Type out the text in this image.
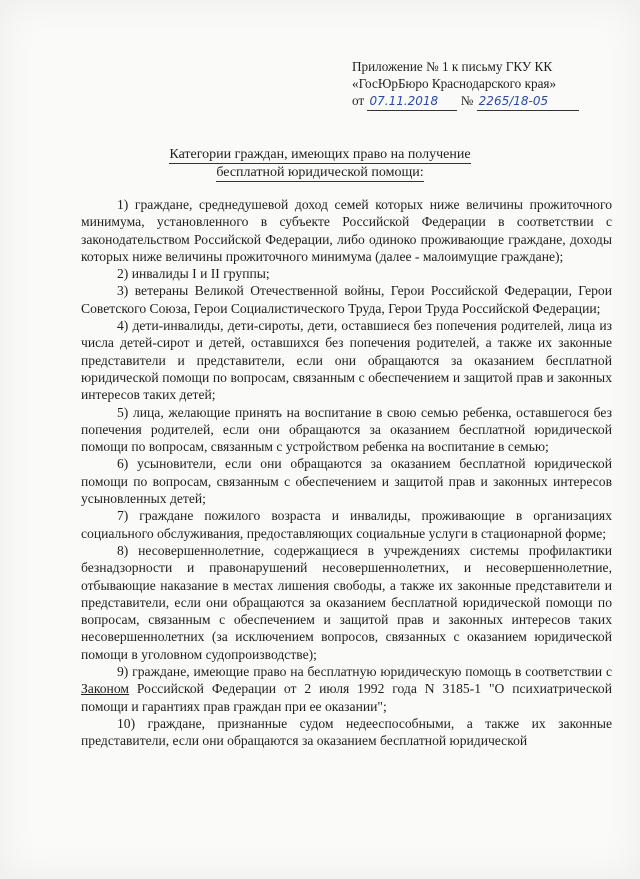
Приложение № 1 к письму ГКУ КК
«ГосЮрБюро Краснодарского края»
от 07.11.2018 № 2265/18-05
Категории граждан, имеющих право на получение
бесплатной юридической помощи:

1) граждане, среднедушевой доход семей которых ниже величины прожиточного минимума, установленного в субъекте Российской Федерации в соответствии с законодательством Российской Федерации, либо одиноко проживающие граждане, доходы которых ниже величины прожиточного минимума (далее - малоимущие граждане);

2) инвалиды I и II группы;

3) ветераны Великой Отечественной войны, Герои Российской Федерации, Герои Советского Союза, Герои Социалистического Труда, Герои Труда Российской Федерации;

4) дети-инвалиды, дети-сироты, дети, оставшиеся без попечения родителей, лица из числа детей-сирот и детей, оставшихся без попечения родителей, а также их законные представители и представители, если они обращаются за оказанием бесплатной юридической помощи по вопросам, связанным с обеспечением и защитой прав и законных интересов таких детей;

5) лица, желающие принять на воспитание в свою семью ребенка, оставшегося без попечения родителей, если они обращаются за оказанием бесплатной юридической помощи по вопросам, связанным с устройством ребенка на воспитание в семью;

6) усыновители, если они обращаются за оказанием бесплатной юридической помощи по вопросам, связанным с обеспечением и защитой прав и законных интересов усыновленных детей;

7) граждане пожилого возраста и инвалиды, проживающие в организациях социального обслуживания, предоставляющих социальные услуги в стационарной форме;

8) несовершеннолетние, содержащиеся в учреждениях системы профилактики безнадзорности и правонарушений несовершеннолетних, и несовершеннолетние, отбывающие наказание в местах лишения свободы, а также их законные представители и представители, если они обращаются за оказанием бесплатной юридической помощи по вопросам, связанным с обеспечением и защитой прав и законных интересов таких несовершеннолетних (за исключением вопросов, связанных с оказанием юридической помощи в уголовном судопроизводстве);

9) граждане, имеющие право на бесплатную юридическую помощь в соответствии с Законом Российской Федерации от 2 июля 1992 года N 3185-1 "О психиатрической помощи и гарантиях прав граждан при ее оказании";

10) граждане, признанные судом недееспособными, а также их законные представители, если они обращаются за оказанием бесплатной юридической
